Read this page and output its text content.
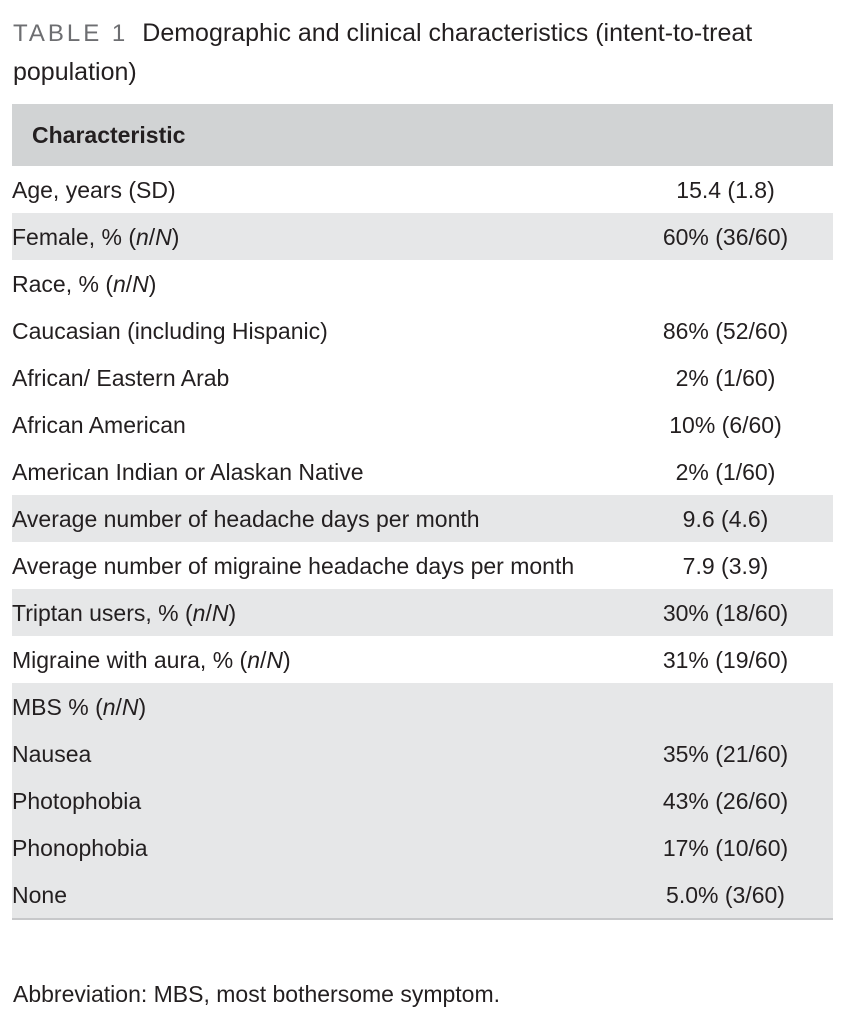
TABLE 1 Demographic and clinical characteristics (intent-to-treat population)
Characteristic	
Age, years (SD)	15.4 (1.8)
Female, % (n/N)	60% (36/60)
Race, % (n/N)	
Caucasian (including Hispanic)	86% (52/60)
African/ Eastern Arab	2% (1/60)
African American	10% (6/60)
American Indian or Alaskan Native	2% (1/60)
Average number of headache days per month	9.6 (4.6)

Average number of migraine headache days per month	7.9 (3.9)
Triptan users, % (n/N)	30% (18/60)
Migraine with aura, % (n/N)	31% (19/60)
MBS % (n/N)	
Nausea	35% (21/60)
Photophobia	43% (26/60)
Phonophobia	17% (10/60)
None	5.0% (3/60)
Abbreviation: MBS, most bothersome symptom.
